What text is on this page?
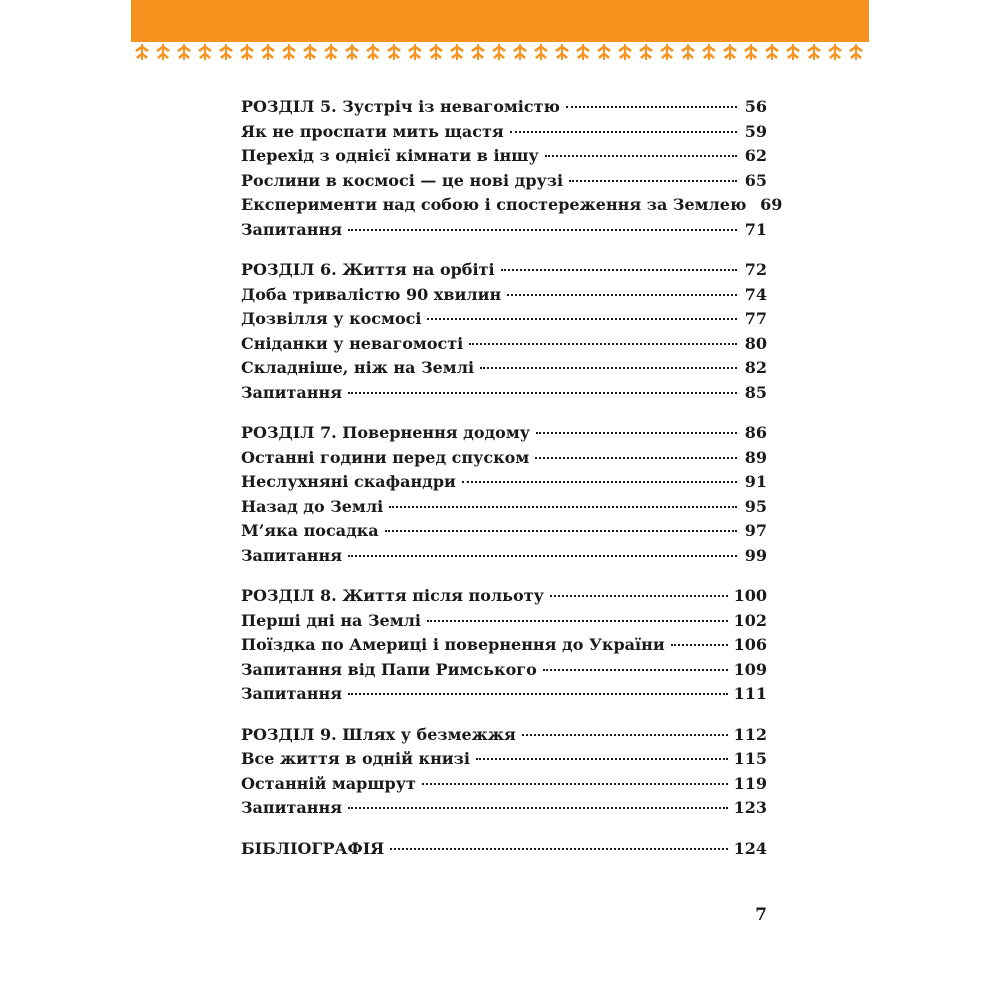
РОЗДІЛ 5. Зустріч із невагомістю	56
Як не проспати мить щастя	59
Перехід з однієї кімнати в іншу	62
Рослини в космосі — це нові друзі	65
Експерименти над собою і спостереження за Землею 69
Запитання	71
РОЗДІЛ 6. Життя на орбіті	72
Доба тривалістю 90 хвилин	74
Дозвілля у космосі	77
Сніданки у невагомості	80
Складніше, ніж на Землі	82
Запитання	85
РОЗДІЛ 7. Повернення додому	86
Останні години перед спуском	89
Неслухняні скафандри	91
Назад до Землі	95
М’яка посадка	97
Запитання	99
РОЗДІЛ 8. Життя після польоту	100
Перші дні на Землі	102
Поїздка по Америці і повернення до України	106
Запитання від Папи Римського	109
Запитання	111
РОЗДІЛ 9. Шлях у безмежжя	112
Все життя в одній книзі	115
Останній маршрут	119
Запитання	123
БІБЛІОГРАФІЯ	124
7
